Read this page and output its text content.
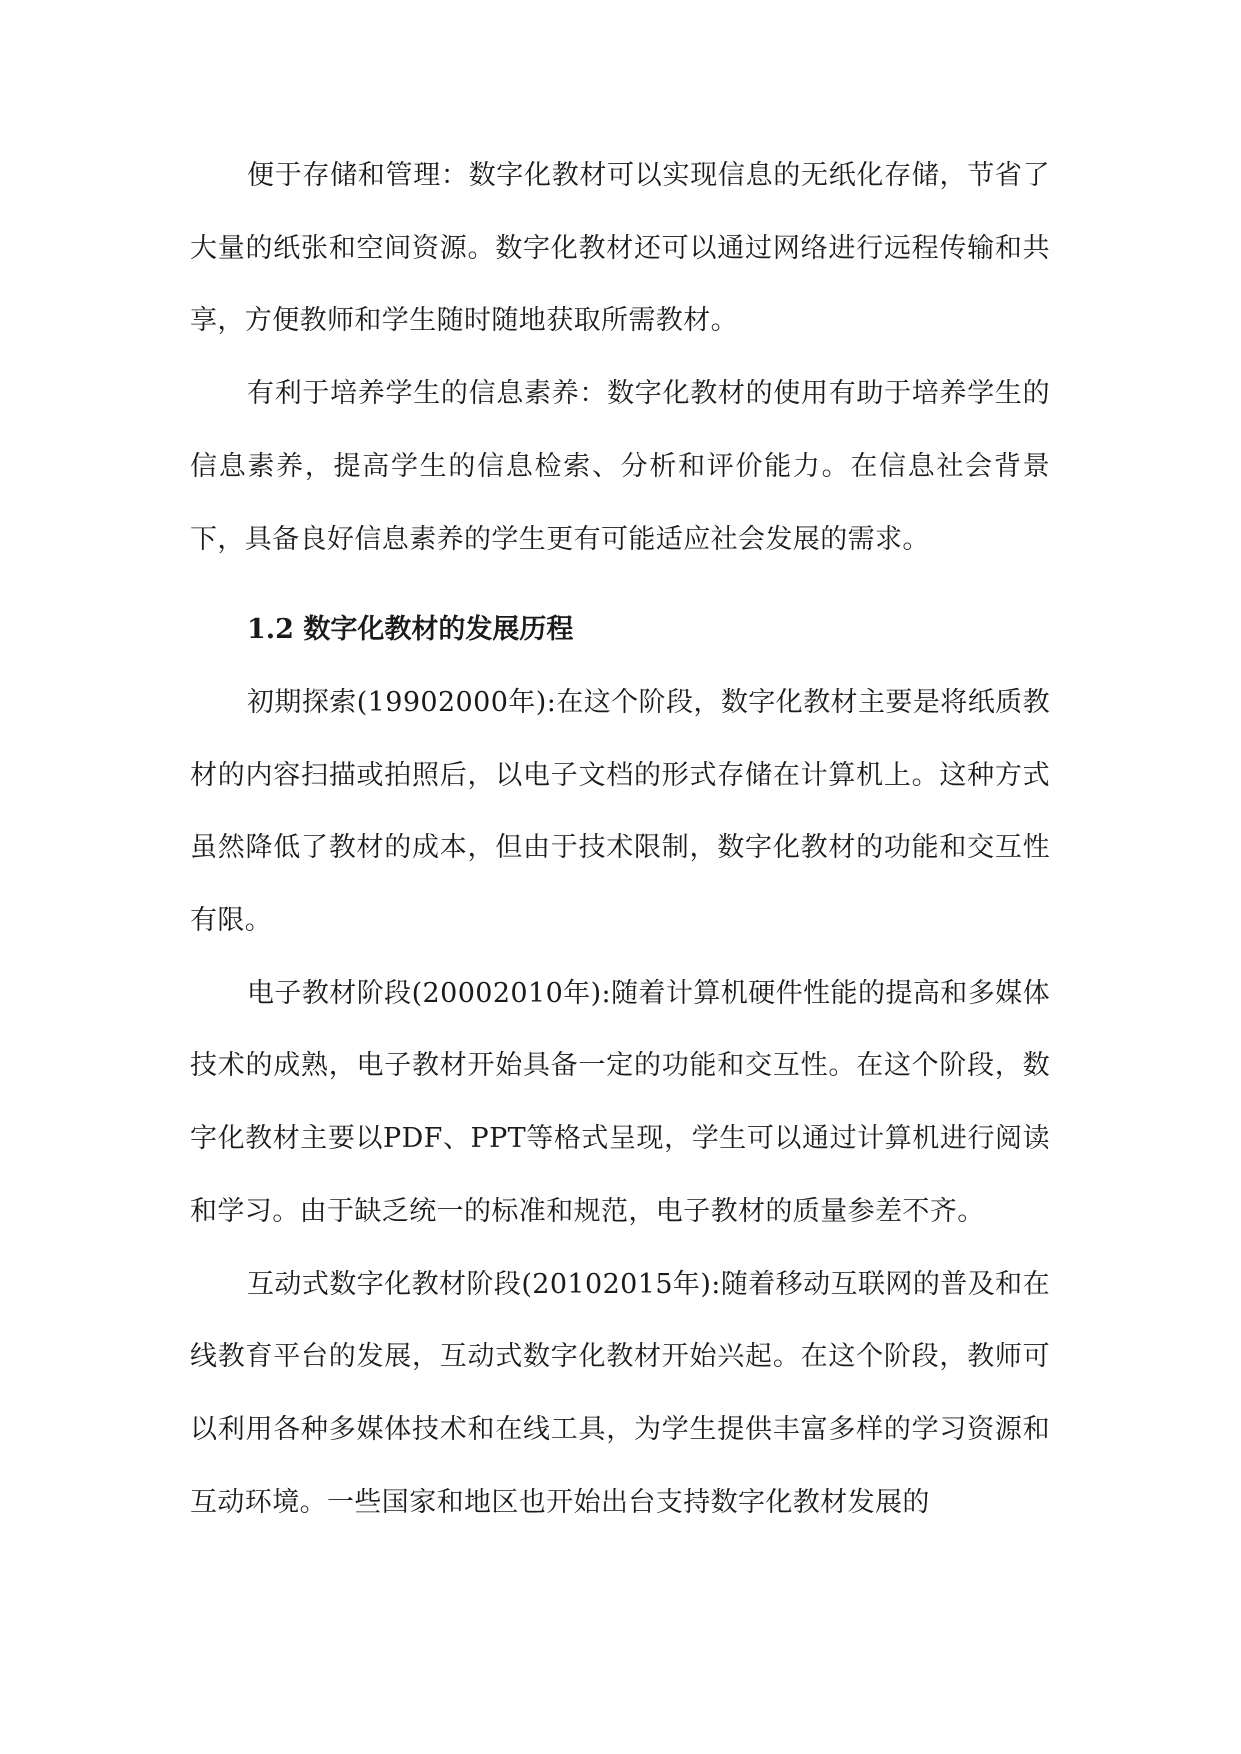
便于存储和管理：数字化教材可以实现信息的无纸化存储，节省了大量的纸张和空间资源。数字化教材还可以通过网络进行远程传输和共享，方便教师和学生随时随地获取所需教材。

有利于培养学生的信息素养：数字化教材的使用有助于培养学生的信息素养，提高学生的信息检索、分析和评价能力。在信息社会背景下，具备良好信息素养的学生更有可能适应社会发展的需求。

1.2 数字化教材的发展历程

初期探索(19902000年):在这个阶段，数字化教材主要是将纸质教材的内容扫描或拍照后，以电子文档的形式存储在计算机上。这种方式虽然降低了教材的成本，但由于技术限制，数字化教材的功能和交互性有限。

电子教材阶段(20002010年):随着计算机硬件性能的提高和多媒体技术的成熟，电子教材开始具备一定的功能和交互性。在这个阶段，数字化教材主要以PDF、PPT等格式呈现，学生可以通过计算机进行阅读和学习。由于缺乏统一的标准和规范，电子教材的质量参差不齐。

互动式数字化教材阶段(20102015年):随着移动互联网的普及和在线教育平台的发展，互动式数字化教材开始兴起。在这个阶段，教师可以利用各种多媒体技术和在线工具，为学生提供丰富多样的学习资源和互动环境。一些国家和地区也开始出台支持数字化教材发展的
